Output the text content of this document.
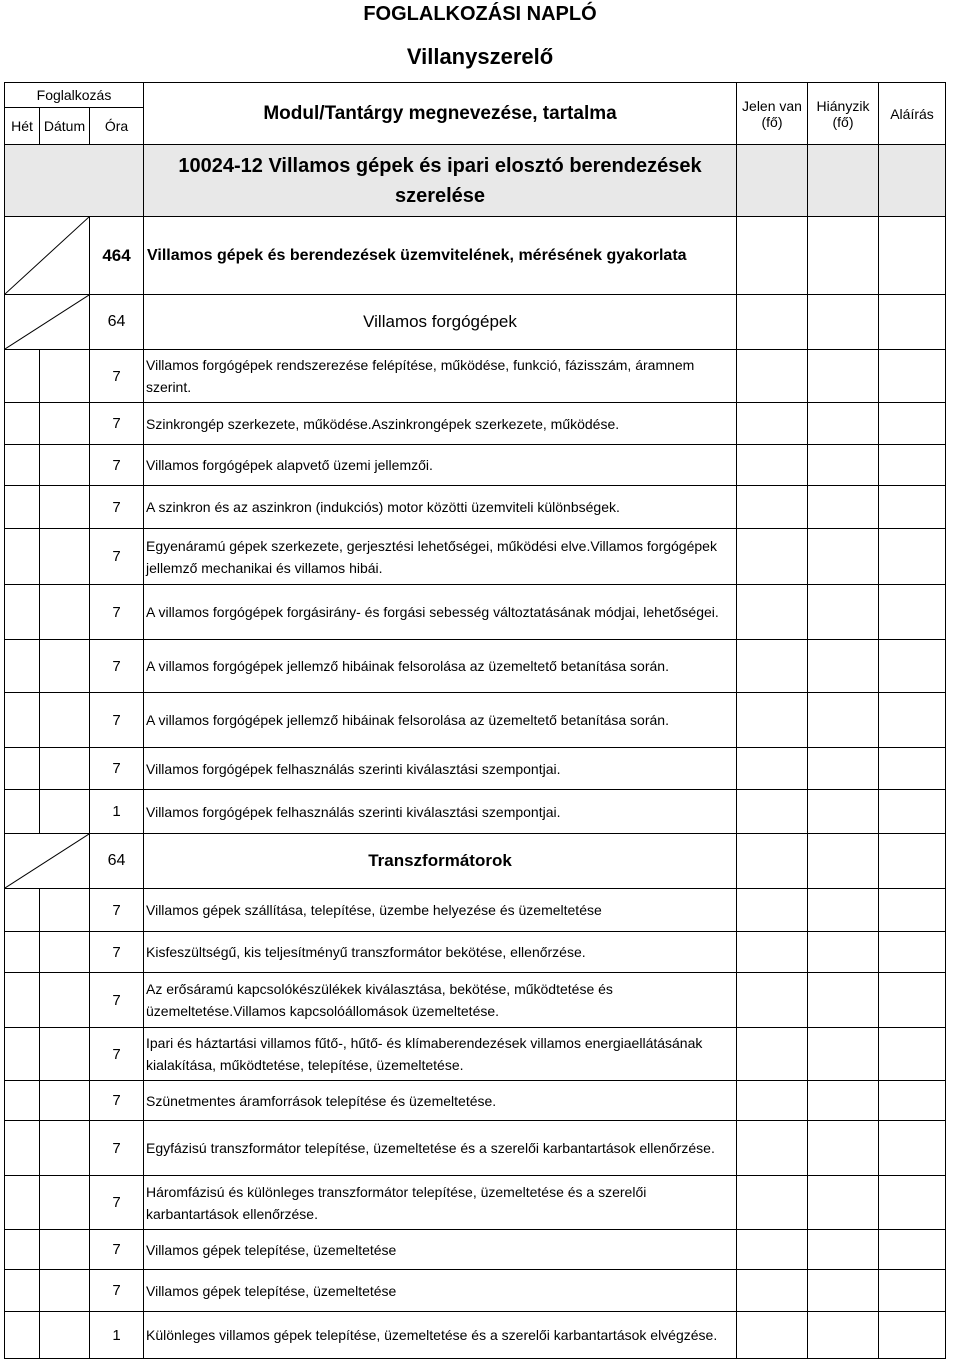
FOGLALKOZÁSI NAPLÓ
Villanyszerelő
Foglalkozás			Modul/Tantárgy megnevezése, tartalma	Jelen van (fő)	Hiányzik (fő)	Aláírás
Hét	Dátum	Óra				
			10024-12 Villamos gépek és ipari elosztó berendezések szerelése			
		464	Villamos gépek és berendezések üzemvitelének, mérésének gyakorlata			
		64	Villamos forgógépek			
		7	Villamos forgógépek rendszerezése felépítése, működése, funkció, fázisszám, áramnem szerint.			
		7	Szinkrongép szerkezete, működése.Aszinkrongépek szerkezete, működése.			
		7	Villamos forgógépek alapvető üzemi jellemzői.			
		7	A szinkron és az aszinkron (indukciós) motor közötti üzemviteli különbségek.			
		7	Egyenáramú gépek szerkezete, gerjesztési lehetőségei, működési elve.Villamos forgógépek jellemző mechanikai és villamos hibái.			
		7	A villamos forgógépek forgásirány- és forgási sebesség változtatásának módjai, lehetőségei.			
		7	A villamos forgógépek jellemző hibáinak felsorolása az üzemeltető betanítása során.			
		7	A villamos forgógépek jellemző hibáinak felsorolása az üzemeltető betanítása során.			
		7	Villamos forgógépek felhasználás szerinti kiválasztási szempontjai.			
		1	Villamos forgógépek felhasználás szerinti kiválasztási szempontjai.			
		64	Transzformátorok			
		7	Villamos gépek szállítása, telepítése, üzembe helyezése és üzemeltetése			
		7	Kisfeszültségű, kis teljesítményű transzformátor bekötése, ellenőrzése.			
		7	Az erősáramú kapcsolókészülékek kiválasztása, bekötése, működtetése és üzemeltetése.Villamos kapcsolóállomások üzemeltetése.			
		7	Ipari és háztartási villamos fűtő-, hűtő- és klímaberendezések villamos energiaellátásának kialakítása, működtetése, telepítése, üzemeltetése.			
		7	Szünetmentes áramforrások telepítése és üzemeltetése.			
		7	Egyfázisú transzformátor telepítése, üzemeltetése és a szerelői karbantartások ellenőrzése.			
		7	Háromfázisú és különleges transzformátor telepítése, üzemeltetése és a szerelői karbantartások ellenőrzése.			
		7	Villamos gépek telepítése, üzemeltetése			
		7	Villamos gépek telepítése, üzemeltetése			
		1	Különleges villamos gépek telepítése, üzemeltetése és a szerelői karbantartások elvégzése.			
